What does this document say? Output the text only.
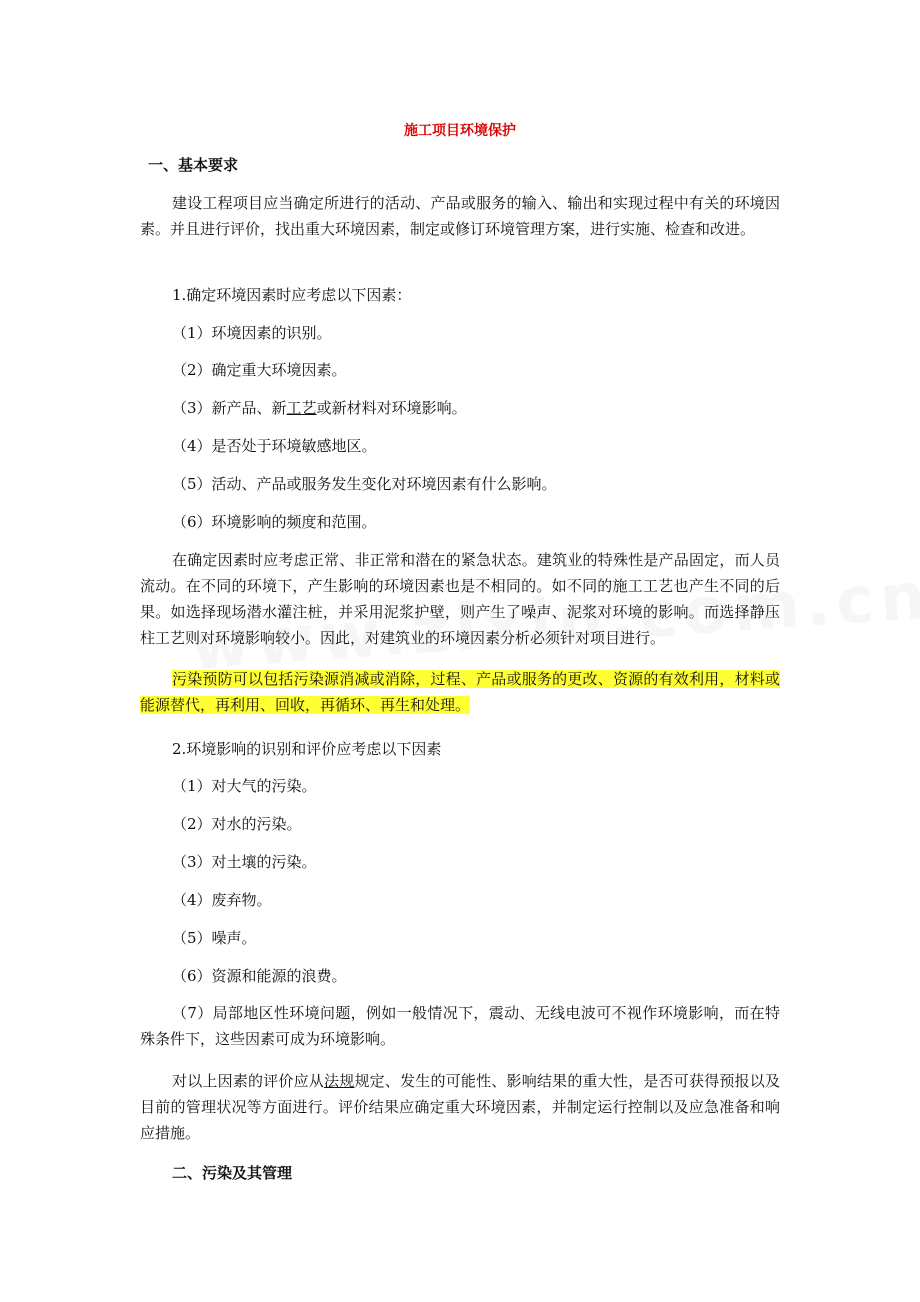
施工项目环境保护
一、基本要求

建设工程项目应当确定所进行的活动、产品或服务的输入、输出和实现过程中有关的环境因素。并且进行评价，找出重大环境因素，制定或修订环境管理方案，进行实施、检查和改进。

1.确定环境因素时应考虑以下因素：

（1）环境因素的识别。

（2）确定重大环境因素。

（3）新产品、新工艺或新材料对环境影响。

（4）是否处于环境敏感地区。

（5）活动、产品或服务发生变化对环境因素有什么影响。

（6）环境影响的频度和范围。

在确定因素时应考虑正常、非正常和潜在的紧急状态。建筑业的特殊性是产品固定，而人员流动。在不同的环境下，产生影响的环境因素也是不相同的。如不同的施工工艺也产生不同的后果。如选择现场潜水灌注桩，并采用泥浆护壁，则产生了噪声、泥浆对环境的影响。而选择静压柱工艺则对环境影响较小。因此，对建筑业的环境因素分析必须针对项目进行。

污染预防可以包括污染源消减或消除，过程、产品或服务的更改、资源的有效利用，材料或能源替代，再利用、回收，再循环、再生和处理。

2.环境影响的识别和评价应考虑以下因素

（1）对大气的污染。

（2）对水的污染。

（3）对土壤的污染。

（4）废弃物。

（5）噪声。

（6）资源和能源的浪费。

（7）局部地区性环境问题，例如一般情况下，震动、无线电波可不视作环境影响，而在特殊条件下，这些因素可成为环境影响。

对以上因素的评价应从法规规定、发生的可能性、影响结果的重大性，是否可获得预报以及目前的管理状况等方面进行。评价结果应确定重大环境因素，并制定运行控制以及应急准备和响应措施。

二、污染及其管理
